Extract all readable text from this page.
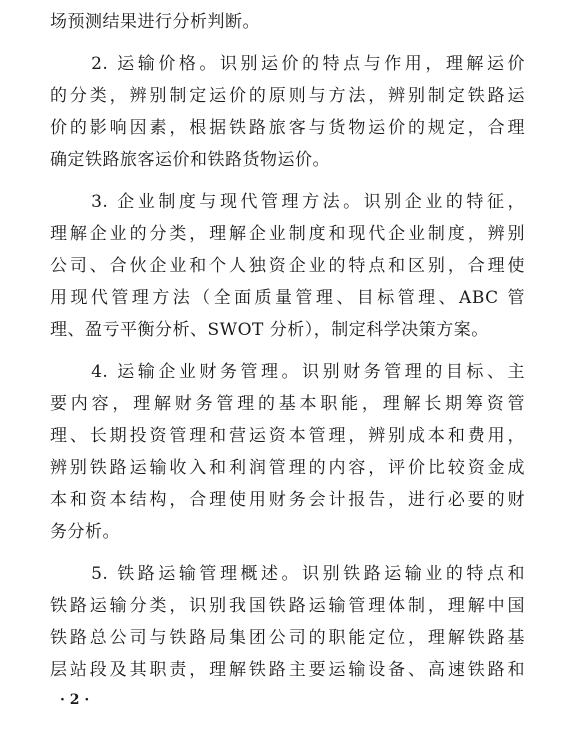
场预测结果进行分析判断。
　　2. 运输价格。识别运价的特点与作用，理解运价
的分类，辨别制定运价的原则与方法，辨别制定铁路运
价的影响因素，根据铁路旅客与货物运价的规定，合理
确定铁路旅客运价和铁路货物运价。
　　3. 企业制度与现代管理方法。识别企业的特征，
理解企业的分类，理解企业制度和现代企业制度，辨别
公司、合伙企业和个人独资企业的特点和区别，合理使
用现代管理方法（全面质量管理、目标管理、ABC 管
理、盈亏平衡分析、SWOT 分析），制定科学决策方案。
　　4. 运输企业财务管理。识别财务管理的目标、主
要内容，理解财务管理的基本职能，理解长期筹资管
理、长期投资管理和营运资本管理，辨别成本和费用，
辨别铁路运输收入和利润管理的内容，评价比较资金成
本和资本结构，合理使用财务会计报告，进行必要的财
务分析。
　　5. 铁路运输管理概述。识别铁路运输业的特点和
铁路运输分类，识别我国铁路运输管理体制，理解中国
铁路总公司与铁路局集团公司的职能定位，理解铁路基
层站段及其职责，理解铁路主要运输设备、高速铁路和
· 2 ·
